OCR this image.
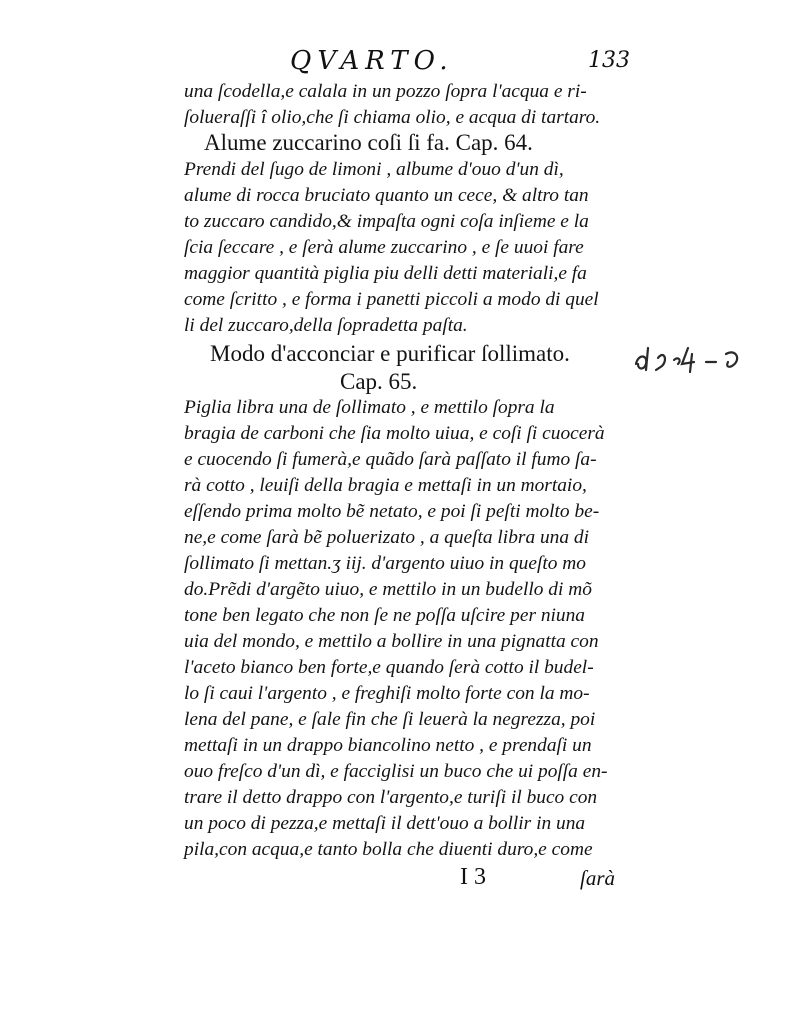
QVARTO.	133
una ſcodella,e calala in un pozzo ſopra l'acqua e ri-
ſolueraſſi î olio,che ſi chiama olio, e acqua di tartaro.
Alume zuccarino coſi ſi fa. Cap. 64.
Prendi del ſugo de limoni , albume d'ouo d'un dì,
alume di rocca bruciato quanto un cece, & altro tan
to zuccaro candido,& impaſta ogni coſa inſieme e la
ſcia ſeccare , e ſerà alume zuccarino , e ſe uuoi fare
maggior quantità piglia piu delli detti materiali,e fa
come ſcritto , e forma i panetti piccoli a modo di quel
li del zuccaro,della ſopradetta paſta.
Modo d'acconciar e purificar ſollimato.
Cap. 65.
Piglia libra una de ſollimato , e mettilo ſopra la
bragia de carboni che ſia molto uiua, e coſi ſi cuocerà
e cuocendo ſi fumerà,e quãdo ſarà paſſato il fumo ſa-
rà cotto , leuiſi della bragia e mettaſi in un mortaio,
eſſendo prima molto bẽ netato, e poi ſi peſti molto be-
ne,e come ſarà bẽ poluerizato , a queſta libra una di
ſollimato ſi mettan.ʒ iij. d'argento uiuo in queſto mo
do.Prẽdi d'argẽto uiuo, e mettilo in un budello di mõ
tone ben legato che non ſe ne poſſa uſcire per niuna
uia del mondo, e mettilo a bollire in una pignatta con
l'aceto bianco ben forte,e quando ſerà cotto il budel-
lo ſi caui l'argento , e freghiſi molto forte con la mo-
lena del pane, e ſale fin che ſi leuerà la negrezza, poi
mettaſi in un drappo biancolino netto , e prendaſi un
ouo freſco d'un dì, e facciglisi un buco che ui poſſa en-
trare il detto drappo con l'argento,e turiſi il buco con
un poco di pezza,e mettaſi il dett'ouo a bollir in una
pila,con acqua,e tanto bolla che diuenti duro,e come
I 3	ſarà
